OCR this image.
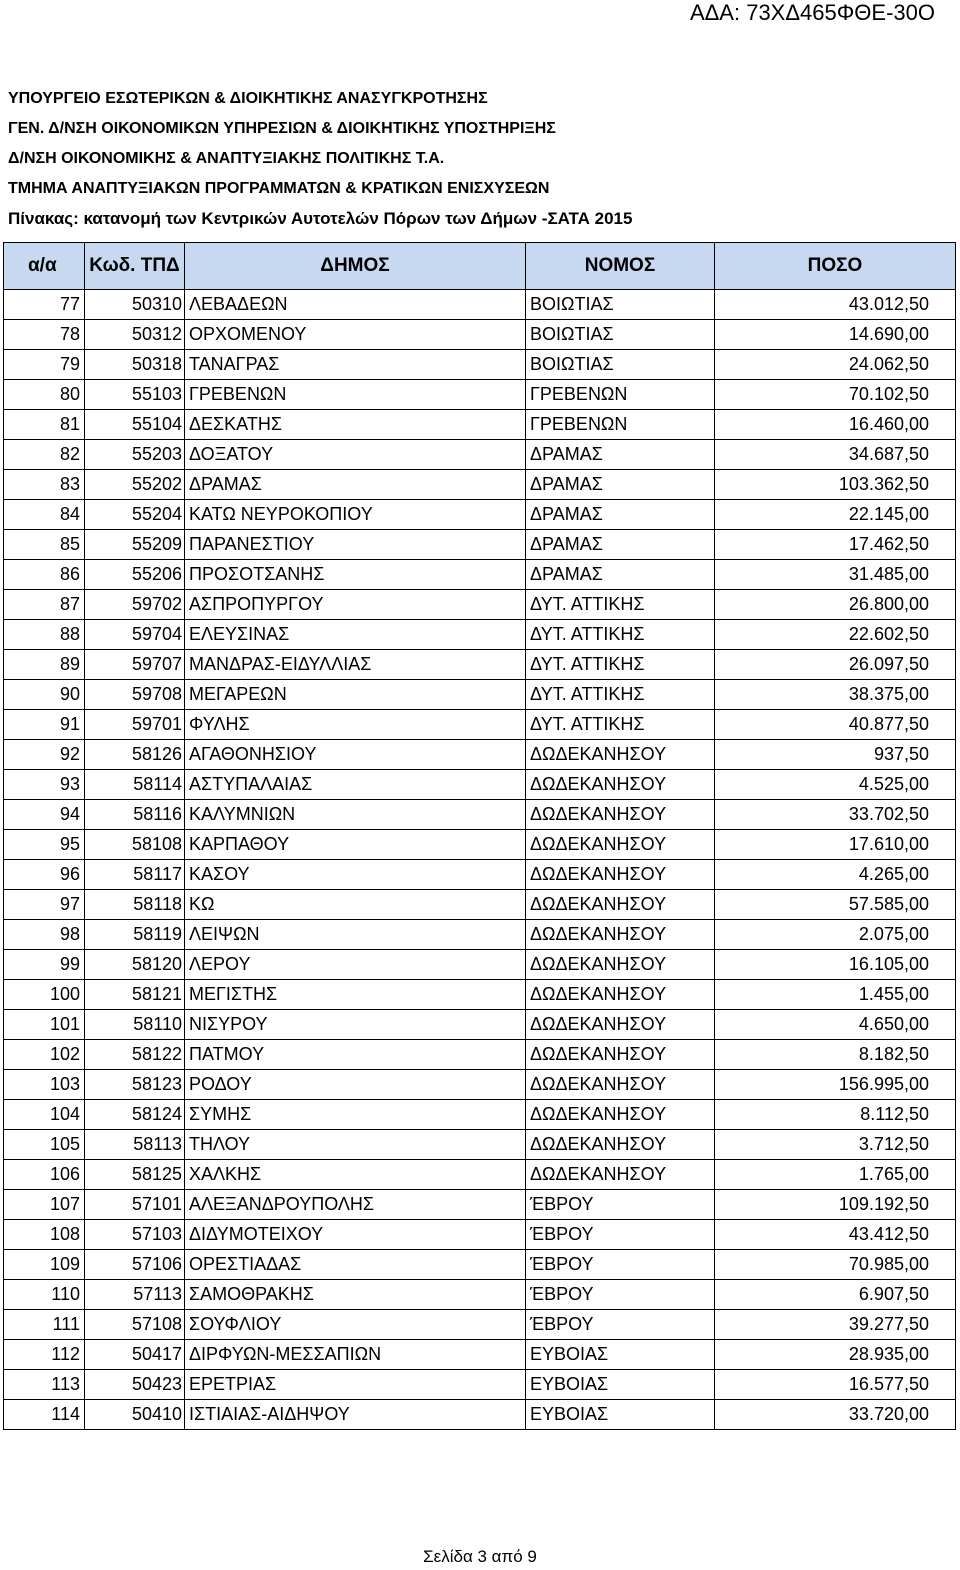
ΑΔΑ: 73ΧΔ465ΦΘΕ-30Ο
ΥΠΟΥΡΓΕΙΟ ΕΣΩΤΕΡΙΚΩΝ & ΔΙΟΙΚΗΤΙΚΗΣ ΑΝΑΣΥΓΚΡΟΤΗΣΗΣ
ΓΕΝ. Δ/ΝΣΗ ΟΙΚΟΝΟΜΙΚΩΝ ΥΠΗΡΕΣΙΩΝ & ΔΙΟΙΚΗΤΙΚΗΣ ΥΠΟΣΤΗΡΙΞΗΣ
Δ/ΝΣΗ ΟΙΚΟΝΟΜΙΚΗΣ & ΑΝΑΠΤΥΞΙΑΚΗΣ ΠΟΛΙΤΙΚΗΣ Τ.Α.
ΤΜΗΜΑ ΑΝΑΠΤΥΞΙΑΚΩΝ ΠΡΟΓΡΑΜΜΑΤΩΝ & ΚΡΑΤΙΚΩΝ ΕΝΙΣΧΥΣΕΩΝ
Πίνακας: κατανομή των Κεντρικών Αυτοτελών Πόρων των Δήμων -ΣΑΤΑ 2015
α/α	Κωδ. ΤΠΔ	ΔΗΜΟΣ	ΝΟΜΟΣ	ΠΟΣΟ
77	50310	ΛΕΒΑΔΕΩΝ	ΒΟΙΩΤΙΑΣ	43.012,50
78	50312	ΟΡΧΟΜΕΝΟΥ	ΒΟΙΩΤΙΑΣ	14.690,00
79	50318	ΤΑΝΑΓΡΑΣ	ΒΟΙΩΤΙΑΣ	24.062,50
80	55103	ΓΡΕΒΕΝΩΝ	ΓΡΕΒΕΝΩΝ	70.102,50
81	55104	ΔΕΣΚΑΤΗΣ	ΓΡΕΒΕΝΩΝ	16.460,00
82	55203	ΔΟΞΑΤΟΥ	ΔΡΑΜΑΣ	34.687,50
83	55202	ΔΡΑΜΑΣ	ΔΡΑΜΑΣ	103.362,50
84	55204	ΚΑΤΩ ΝΕΥΡΟΚΟΠΙΟΥ	ΔΡΑΜΑΣ	22.145,00
85	55209	ΠΑΡΑΝΕΣΤΙΟΥ	ΔΡΑΜΑΣ	17.462,50
86	55206	ΠΡΟΣΟΤΣΑΝΗΣ	ΔΡΑΜΑΣ	31.485,00
87	59702	ΑΣΠΡΟΠΥΡΓΟΥ	ΔΥΤ. ΑΤΤΙΚΗΣ	26.800,00
88	59704	ΕΛΕΥΣΙΝΑΣ	ΔΥΤ. ΑΤΤΙΚΗΣ	22.602,50
89	59707	ΜΑΝΔΡΑΣ-ΕΙΔΥΛΛΙΑΣ	ΔΥΤ. ΑΤΤΙΚΗΣ	26.097,50
90	59708	ΜΕΓΑΡΕΩΝ	ΔΥΤ. ΑΤΤΙΚΗΣ	38.375,00
91	59701	ΦΥΛΗΣ	ΔΥΤ. ΑΤΤΙΚΗΣ	40.877,50
92	58126	ΑΓΑΘΟΝΗΣΙΟΥ	ΔΩΔΕΚΑΝΗΣΟΥ	937,50
93	58114	ΑΣΤΥΠΑΛΑΙΑΣ	ΔΩΔΕΚΑΝΗΣΟΥ	4.525,00
94	58116	ΚΑΛΥΜΝΙΩΝ	ΔΩΔΕΚΑΝΗΣΟΥ	33.702,50
95	58108	ΚΑΡΠΑΘΟΥ	ΔΩΔΕΚΑΝΗΣΟΥ	17.610,00
96	58117	ΚΑΣΟΥ	ΔΩΔΕΚΑΝΗΣΟΥ	4.265,00
97	58118	ΚΩ	ΔΩΔΕΚΑΝΗΣΟΥ	57.585,00
98	58119	ΛΕΙΨΩΝ	ΔΩΔΕΚΑΝΗΣΟΥ	2.075,00
99	58120	ΛΕΡΟΥ	ΔΩΔΕΚΑΝΗΣΟΥ	16.105,00
100	58121	ΜΕΓΙΣΤΗΣ	ΔΩΔΕΚΑΝΗΣΟΥ	1.455,00
101	58110	ΝΙΣΥΡΟΥ	ΔΩΔΕΚΑΝΗΣΟΥ	4.650,00
102	58122	ΠΑΤΜΟΥ	ΔΩΔΕΚΑΝΗΣΟΥ	8.182,50
103	58123	ΡΟΔΟΥ	ΔΩΔΕΚΑΝΗΣΟΥ	156.995,00
104	58124	ΣΥΜΗΣ	ΔΩΔΕΚΑΝΗΣΟΥ	8.112,50
105	58113	ΤΗΛΟΥ	ΔΩΔΕΚΑΝΗΣΟΥ	3.712,50
106	58125	ΧΑΛΚΗΣ	ΔΩΔΕΚΑΝΗΣΟΥ	1.765,00
107	57101	ΑΛΕΞΑΝΔΡΟΥΠΟΛΗΣ	ΈΒΡΟΥ	109.192,50
108	57103	ΔΙΔΥΜΟΤΕΙΧΟΥ	ΈΒΡΟΥ	43.412,50
109	57106	ΟΡΕΣΤΙΑΔΑΣ	ΈΒΡΟΥ	70.985,00
110	57113	ΣΑΜΟΘΡΑΚΗΣ	ΈΒΡΟΥ	6.907,50
111	57108	ΣΟΥΦΛΙΟΥ	ΈΒΡΟΥ	39.277,50
112	50417	ΔΙΡΦΥΩΝ-ΜΕΣΣΑΠΙΩΝ	ΕΥΒΟΙΑΣ	28.935,00
113	50423	ΕΡΕΤΡΙΑΣ	ΕΥΒΟΙΑΣ	16.577,50
114	50410	ΙΣΤΙΑΙΑΣ-ΑΙΔΗΨΟΥ	ΕΥΒΟΙΑΣ	33.720,00
Σελίδα 3 από 9
